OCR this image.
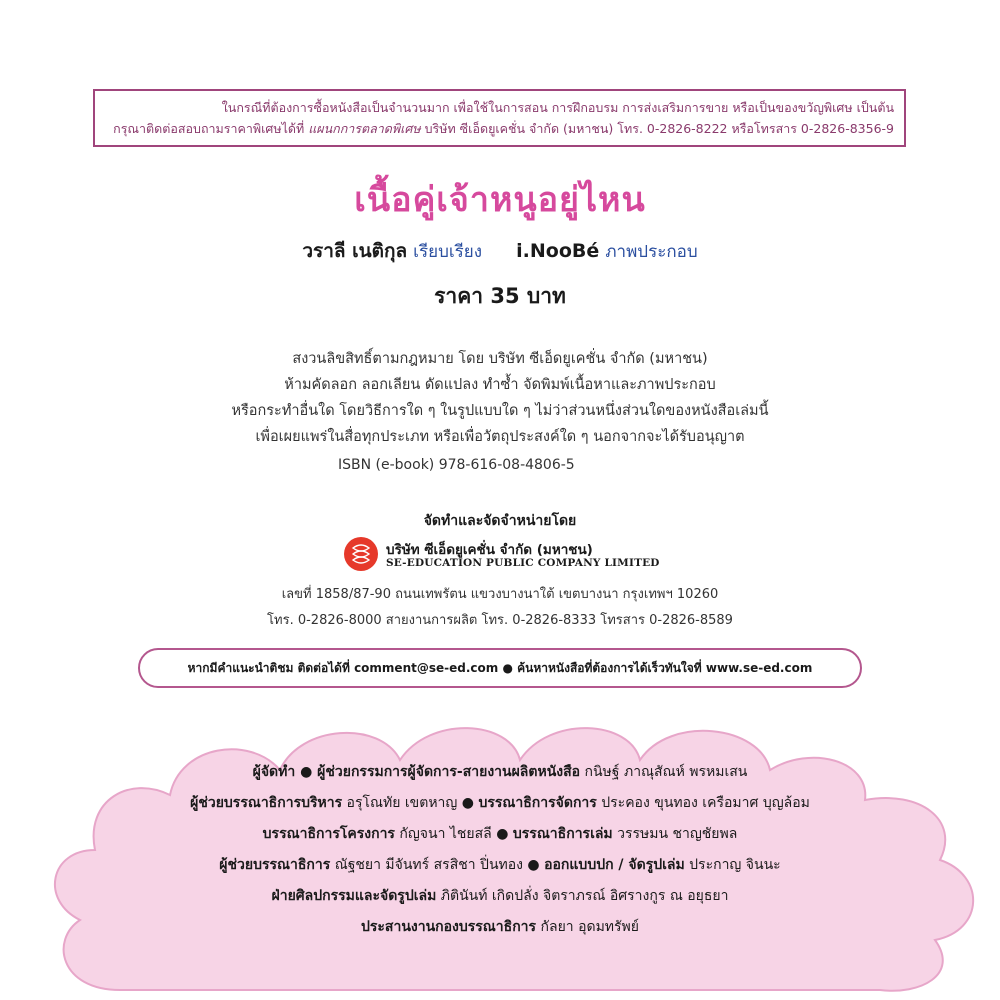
ในกรณีที่ต้องการซื้อหนังสือเป็นจำนวนมาก เพื่อใช้ในการสอน การฝึกอบรม การส่งเสริมการขาย หรือเป็นของขวัญพิเศษ เป็นต้น
กรุณาติดต่อสอบถามราคาพิเศษได้ที่ แผนกการตลาดพิเศษ บริษัท ซีเอ็ดยูเคชั่น จำกัด (มหาชน) โทร. 0-2826-8222 หรือโทรสาร 0-2826-8356-9
เนื้อคู่เจ้าหนูอยู่ไหน
วราลี เนติกุล เรียบเรียง i.NooBé ภาพประกอบ
ราคา 35 บาท
สงวนลิขสิทธิ์ตามกฎหมาย โดย บริษัท ซีเอ็ดยูเคชั่น จำกัด (มหาชน)
ห้ามคัดลอก ลอกเลียน ดัดแปลง ทำซ้ำ จัดพิมพ์เนื้อหาและภาพประกอบ
หรือกระทำอื่นใด โดยวิธีการใด ๆ ในรูปแบบใด ๆ ไม่ว่าส่วนหนึ่งส่วนใดของหนังสือเล่มนี้
เพื่อเผยแพร่ในสื่อทุกประเภท หรือเพื่อวัตถุประสงค์ใด ๆ นอกจากจะได้รับอนุญาต
ISBN (e-book) 978-616-08-4806-5
จัดทำและจัดจำหน่ายโดย
บริษัท ซีเอ็ดยูเคชั่น จำกัด (มหาชน)
SE-EDUCATION PUBLIC COMPANY LIMITED
เลขที่ 1858/87-90 ถนนเทพรัตน แขวงบางนาใต้ เขตบางนา กรุงเทพฯ 10260
โทร. 0-2826-8000 สายงานการผลิต โทร. 0-2826-8333 โทรสาร 0-2826-8589
หากมีคำแนะนำติชม ติดต่อได้ที่ comment@se-ed.com ● ค้นหาหนังสือที่ต้องการได้เร็วทันใจที่ www.se-ed.com
ผู้จัดทำ ● ผู้ช่วยกรรมการผู้จัดการ-สายงานผลิตหนังสือ กนิษฐ์ ภาณุสัณห์ พรหมเสน
ผู้ช่วยบรรณาธิการบริหาร อรุโณทัย เขตหาญ ● บรรณาธิการจัดการ ประคอง ขุนทอง เครือมาศ บุญล้อม
บรรณาธิการโครงการ กัญจนา ไชยสลี ● บรรณาธิการเล่ม วรรษมน ชาญชัยพล
ผู้ช่วยบรรณาธิการ ณัฐชยา มีจันทร์ สรสิชา ปิ่นทอง ● ออกแบบปก / จัดรูปเล่ม ประกาญ จินนะ
ฝ่ายศิลปกรรมและจัดรูปเล่ม ภิตินันท์ เกิดปลั่ง จิตราภรณ์ อิศรางกูร ณ อยุธยา
ประสานงานกองบรรณาธิการ กัลยา อุดมทรัพย์
